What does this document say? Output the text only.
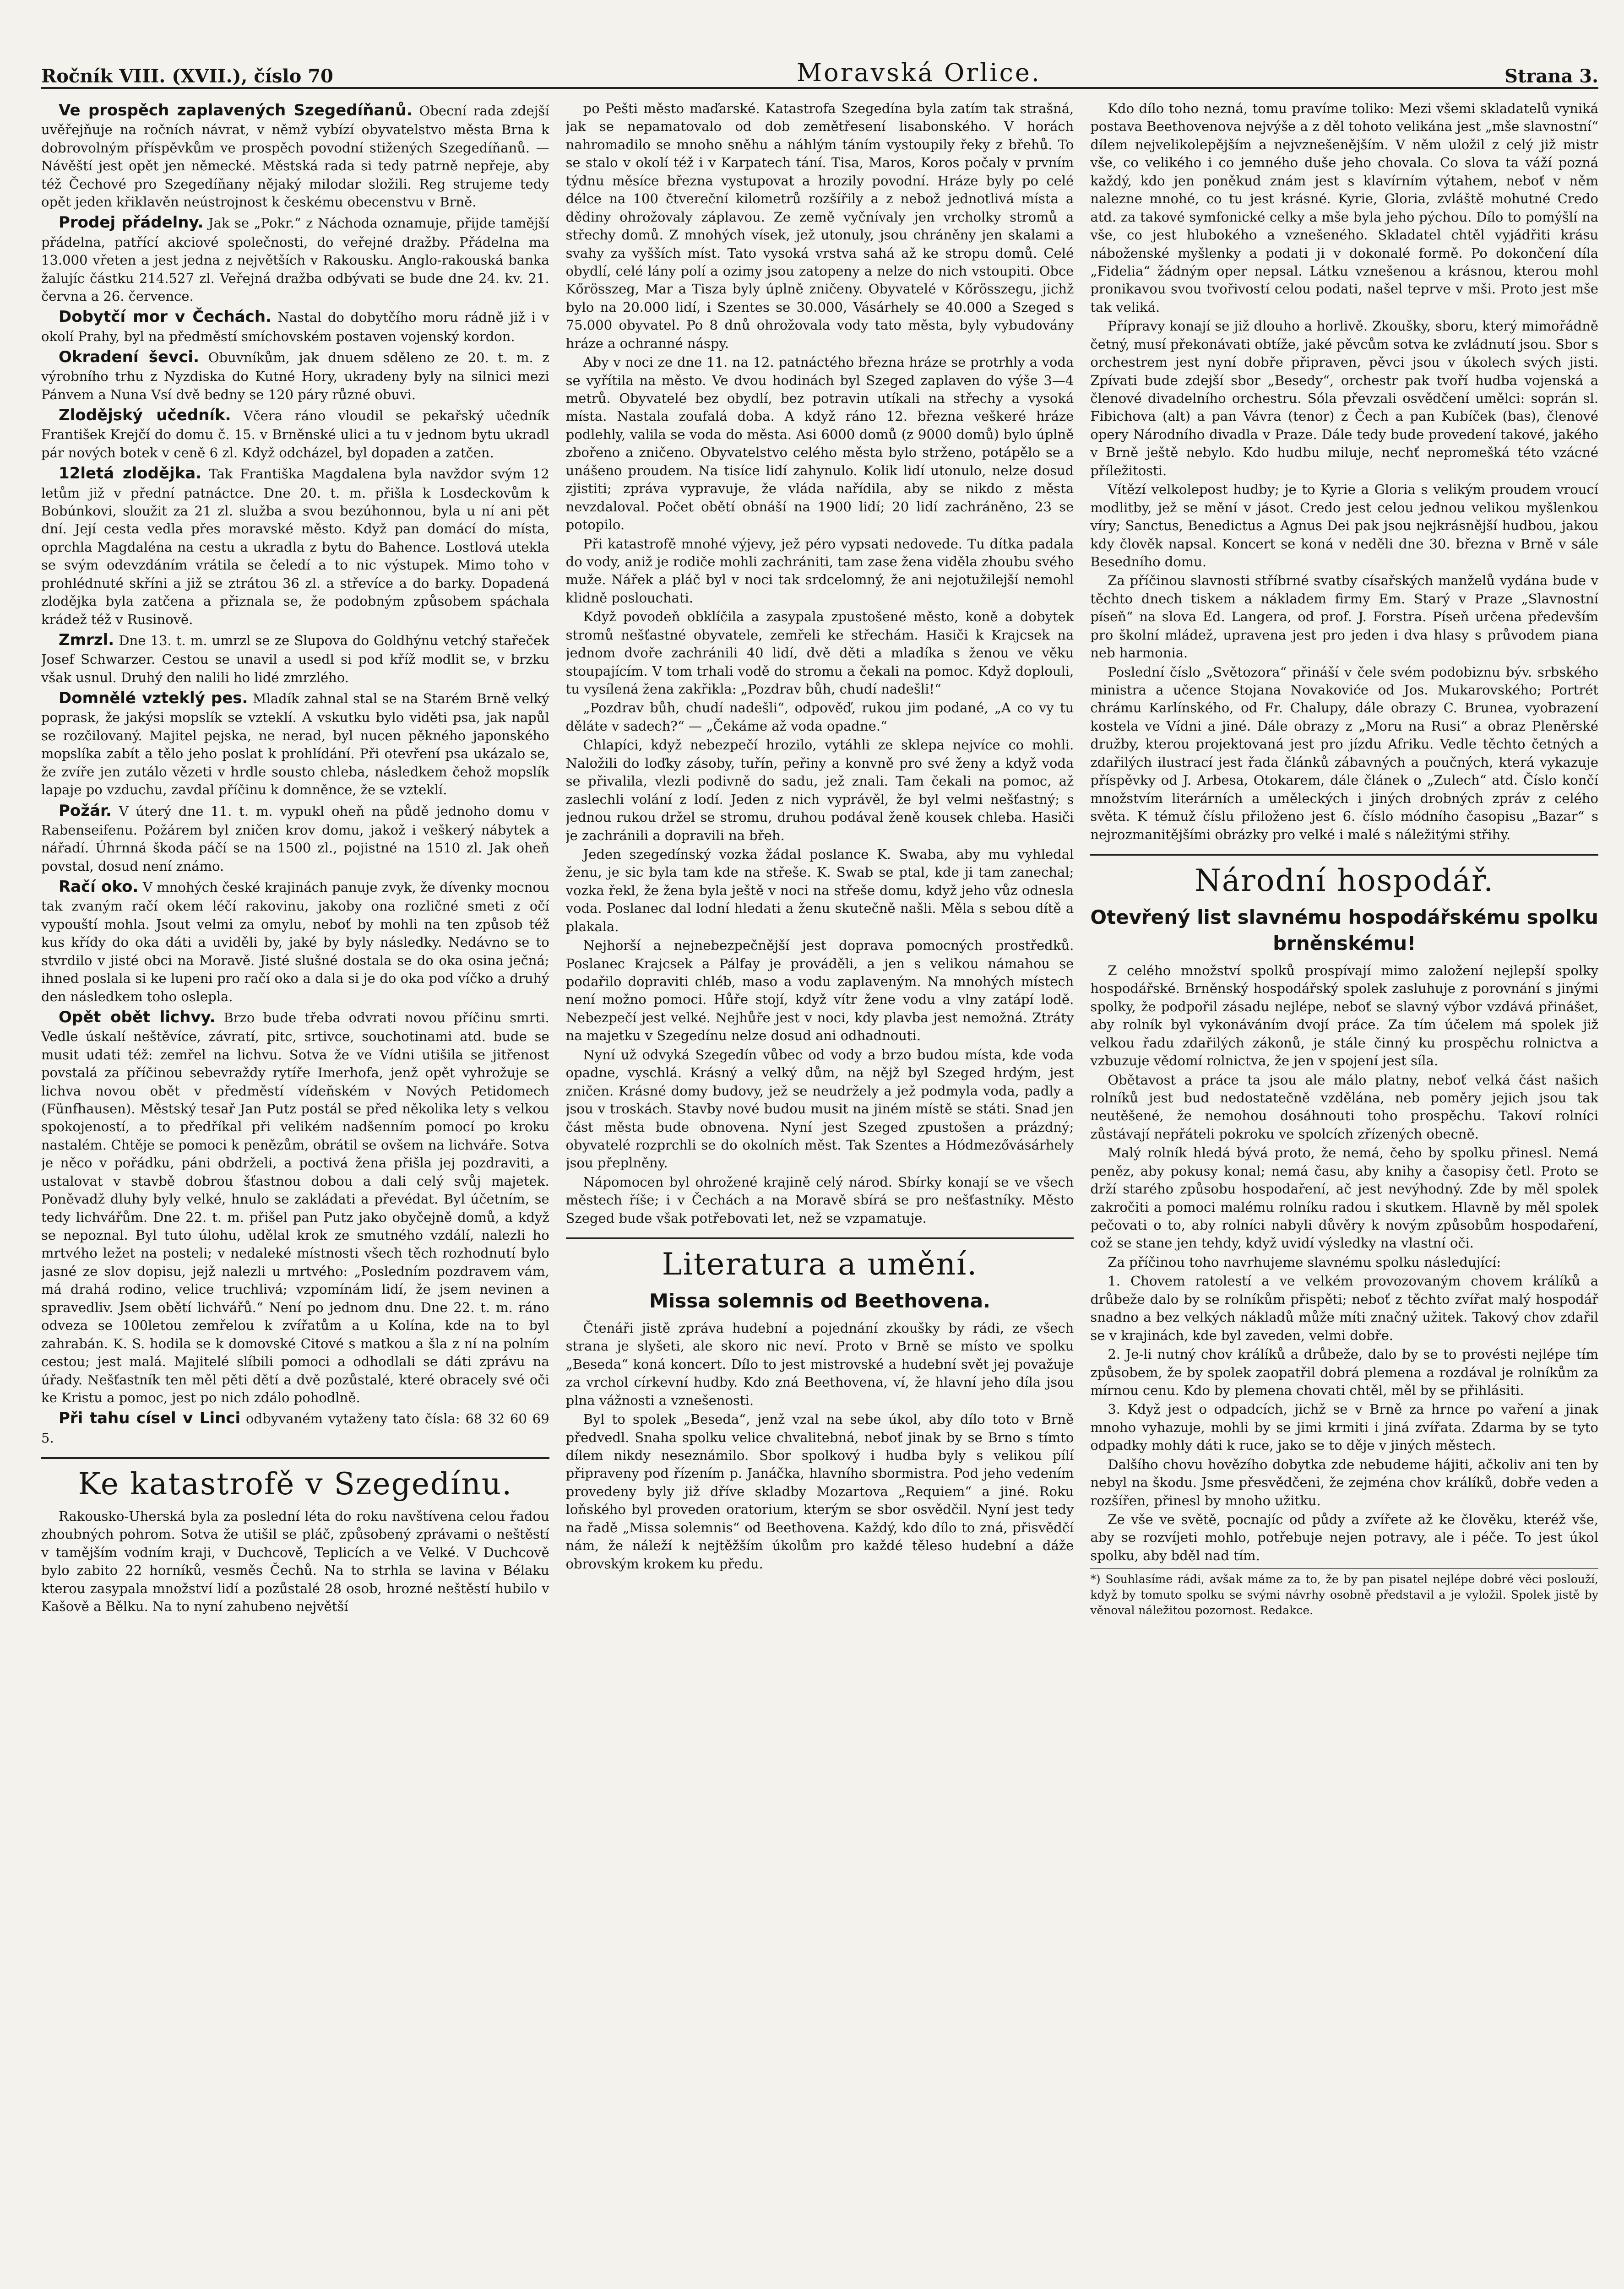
Ročník VIII. (XVII.), číslo 70	Moravská Orlice.	Strana 3.

Ve prospěch zaplavených Szegedíňanů. Obecní rada zdejší uvěřejňuje na ročních návrat, v němž vybízí obyvatelstvo města Brna k dobrovolným příspěvkům ve prospěch povodní stižených Szegedíňanů. — Návěští jest opět jen německé. Městská rada si tedy patrně nepřeje, aby též Čechové pro Szegedíňany nějaký milodar složili. Reg strujeme tedy opět jeden křiklavěn neústrojnost k českému obecenstvu v Brně.

Prodej přádelny. Jak se „Pokr.“ z Náchoda oznamuje, přijde tamější přádelna, patřící akciové společnosti, do veřejné dražby. Přádelna ma 13.000 vřeten a jest jedna z největších v Rakousku. Anglo-rakouská banka žalujíc částku 214.527 zl. Veřejná dražba odbývati se bude dne 24. kv. 21. června a 26. července.

Dobytčí mor v Čechách. Nastal do dobytčího moru rádně již i v okolí Prahy, byl na předměstí smíchovském postaven vojenský kordon.

Okradení ševci. Obuvníkům, jak dnuem sděleno ze 20. t. m. z výrobního trhu z Nyzdiska do Kutné Hory, ukradeny byly na silnici mezi Pánvem a Nuna Vsí dvě bedny se 120 páry různé obuvi.

Zlodějský učedník. Včera ráno vloudil se pekařský učedník František Krejčí do domu č. 15. v Brněnské ulici a tu v jednom bytu ukradl pár nových botek v ceně 6 zl. Když odcházel, byl dopaden a zatčen.

12letá zlodějka. Tak Františka Magdalena byla navždor svým 12 letům již v přední patnáctce. Dne 20. t. m. přišla k Losdeckovům k Bobúnkovi, sloužit za 21 zl. služba a svou bezúhonnou, byla u ní ani pět dní. Její cesta vedla přes moravské město. Když pan domácí do místa, oprchla Magdaléna na cestu a ukradla z bytu do Bahence. Lostlová utekla se svým odevzdáním vrátila se čeledí a to nic výstupek. Mimo toho v prohlédnuté skříni a již se ztrátou 36 zl. a střevíce a do barky. Dopadená zlodějka byla zatčena a přiznala se, že podobným způsobem spáchala krádež též v Rusinově.

Zmrzl. Dne 13. t. m. umrzl se ze Slupova do Goldhýnu vetchý stařeček Josef Schwarzer. Cestou se unavil a usedl si pod kříž modlit se, v brzku však usnul. Druhý den nalili ho lidé zmrzlého.

Domnělé vzteklý pes. Mladík zahnal stal se na Starém Brně velký poprask, že jakýsi mopslík se vzteklí. A vskutku bylo viděti psa, jak napůl se rozčilovaný. Majitel pejska, ne nerad, byl nucen pěkného japonského mopslíka zabít a tělo jeho poslat k prohlídání. Při otevření psa ukázalo se, že zvíře jen zutálo vězeti v hrdle sousto chleba, následkem čehož mopslík lapaje po vzduchu, zavdal příčinu k domněnce, že se vzteklí.

Požár. V úterý dne 11. t. m. vypukl oheň na půdě jednoho domu v Rabenseifenu. Požárem byl zničen krov domu, jakož i veškerý nábytek a nářadí. Úhrnná škoda páčí se na 1500 zl., pojistné na 1510 zl. Jak oheň povstal, dosud není známo.

Račí oko. V mnohých české krajinách panuje zvyk, že dívenky mocnou tak zvaným račí okem léčí rakovinu, jakoby ona rozličné smeti z očí vypouští mohla. Jsout velmi za omylu, neboť by mohli na ten způsob též kus křídy do oka dáti a uviděli by, jaké by byly následky. Nedávno se to stvrdilo v jisté obci na Moravě. Jisté slušné dostala se do oka osina ječná; ihned poslala si ke lupeni pro račí oko a dala si je do oka pod víčko a druhý den následkem toho oslepla.

Opět obět lichvy. Brzo bude třeba odvrati novou příčinu smrti. Vedle úskalí neštěvíce, závratí, pitc, srtivce, souchotinami atd. bude se musit udati též: zemřel na lichvu. Sotva že ve Vídni utišila se jitřenost povstalá za příčinou sebevraždy rytíře Imerhofa, jenž opět vyhrožuje se lichva novou obět v předměstí vídeňském v Nových Petidomech (Fünfhausen). Městský tesař Jan Putz postál se před několika lety s velkou spokojeností, a to předříkal při velikém nadšenním pomocí po kroku nastalém. Chtěje se pomoci k penězům, obrátil se ovšem na lichváře. Sotva je něco v pořádku, páni obdrželi, a poctivá žena přišla jej pozdraviti, a ustalovat v stavbě dobrou šťastnou dobou a dali celý svůj majetek. Poněvadž dluhy byly velké, hnulo se zakládati a převédat. Byl účetním, se tedy lichvářům. Dne 22. t. m. přišel pan Putz jako obyčejně domů, a když se nepoznal. Byl tuto úlohu, udělal krok ze smutného vzdálí, nalezli ho mrtvého ležet na posteli; v nedaleké místnosti všech těch rozhodnutí bylo jasné ze slov dopisu, jejž nalezli u mrtvého: „Posledním pozdravem vám, má drahá rodino, velice truchlivá; vzpomínám lidí, že jsem nevinen a spravedliv. Jsem obětí lichvářů.“ Není po jednom dnu. Dne 22. t. m. ráno odveza se 100letou zemřelou k zvířatům a u Kolína, kde na to byl zahrabán. K. S. hodila se k domovské Citové s matkou a šla z ní na polním cestou; jest malá. Majitelé slíbili pomoci a odhodlali se dáti zprávu na úřady. Nešťastník ten měl pěti dětí a dvě pozůstalé, které obracely své oči ke Kristu a pomoc, jest po nich zdálo pohodlně.

Při tahu císel v Linci odbyvaném vytaženy tato čísla: 68 32 60 69 5.

Ke katastrofě v Szegedínu.

Rakousko-Uherská byla za poslední léta do roku navštívena celou řadou zhoubných pohrom. Sotva že utišil se pláč, způsobený zprávami o neštěstí v tamějším vodním kraji, v Duchcově, Teplicích a ve Velké. V Duchcově bylo zabito 22 horníků, vesměs Čechů. Na to strhla se lavina v Bélaku kterou zasypala množství lidí a pozůstalé 28 osob, hrozné neštěstí hubilo v Kašově a Bělku. Na to nyní zahubeno největší

po Pešti město maďarské. Katastrofa Szegedína byla zatím tak strašná, jak se nepamatovalo od dob zemětřesení lisabonského. V horách nahromadilo se mnoho sněhu a náhlým táním vystoupily řeky z břehů. To se stalo v okolí též i v Karpatech tání. Tisa, Maros, Koros počaly v prvním týdnu měsíce března vystupovat a hrozily povodní. Hráze byly po celé délce na 100 čtvereční kilometrů rozšířily a z nebož jednotlivá místa a dědiny ohrožovaly záplavou. Ze země vyčnívaly jen vrcholky stromů a střechy domů. Z mnohých vísek, jež utonuly, jsou chráněny jen skalami a svahy za vyšších míst. Tato vysoká vrstva sahá až ke stropu domů. Celé obydlí, celé lány polí a ozimy jsou zatopeny a nelze do nich vstoupiti. Obce Kőrösszeg, Mar a Tisza byly úplně zničeny. Obyvatelé v Kőrösszegu, jichž bylo na 20.000 lidí, i Szentes se 30.000, Vásárhely se 40.000 a Szeged s 75.000 obyvatel. Po 8 dnů ohrožovala vody tato města, byly vybudovány hráze a ochranné náspy.

Aby v noci ze dne 11. na 12. patnáctého března hráze se protrhly a voda se vyřítila na město. Ve dvou hodinách byl Szeged zaplaven do výše 3—4 metrů. Obyvatelé bez obydlí, bez potravin utíkali na střechy a vysoká místa. Nastala zoufalá doba. A když ráno 12. března veškeré hráze podlehly, valila se voda do města. Asi 6000 domů (z 9000 domů) bylo úplně zbořeno a zničeno. Obyvatelstvo celého města bylo strženo, potápělo se a unášeno proudem. Na tisíce lidí zahynulo. Kolik lidí utonulo, nelze dosud zjistiti; zpráva vypravuje, že vláda nařídila, aby se nikdo z města nevzdaloval. Počet obětí obnáší na 1900 lidí; 20 lidí zachráněno, 23 se potopilo.

Při katastrofě mnohé výjevy, jež péro vypsati nedovede. Tu dítka padala do vody, aniž je rodiče mohli zachrániti, tam zase žena viděla zhoubu svého muže. Nářek a pláč byl v noci tak srdcelomný, že ani nejotužilejší nemohl klidně poslouchati.

Když povodeň obklíčila a zasypala zpustošené město, koně a dobytek stromů nešťastné obyvatele, zemřeli ke střechám. Hasiči k Krajcsek na jednom dvoře zachránili 40 lidí, dvě děti a mladíka s ženou ve věku stoupajícím. V tom trhali vodě do stromu a čekali na pomoc. Když doplouli, tu vysílená žena zakřikla: „Pozdrav bůh, chudí nadešli!“

„Pozdrav bůh, chudí nadešli“, odpověď, rukou jim podané, „A co vy tu děláte v sadech?“ — „Čekáme až voda opadne.“

Chlapíci, když nebezpečí hrozilo, vytáhli ze sklepa nejvíce co mohli. Naložili do loďky zásoby, tuřín, peřiny a konvně pro své ženy a když voda se přivalila, vlezli podivně do sadu, jež znali. Tam čekali na pomoc, až zaslechli volání z lodí. Jeden z nich vyprávěl, že byl velmi nešťastný; s jednou rukou držel se stromu, druhou podával ženě kousek chleba. Hasiči je zachránili a dopravili na břeh.

Jeden szegedínský vozka žádal poslance K. Swaba, aby mu vyhledal ženu, je sic byla tam kde na střeše. K. Swab se ptal, kde ji tam zanechal; vozka řekl, že žena byla ještě v noci na střeše domu, když jeho vůz odnesla voda. Poslanec dal lodní hledati a ženu skutečně našli. Měla s sebou dítě a plakala.

Nejhorší a nejnebezpečnější jest doprava pomocných prostředků. Poslanec Krajcsek a Pálfay je prováděli, a jen s velikou námahou se podařilo dopraviti chléb, maso a vodu zaplaveným. Na mnohých místech není možno pomoci. Hůře stojí, když vítr žene vodu a vlny zatápí lodě. Nebezpečí jest velké. Nejhůře jest v noci, kdy plavba jest nemožná. Ztráty na majetku v Szegedínu nelze dosud ani odhadnouti.

Nyní už odvyká Szegedín vůbec od vody a brzo budou místa, kde voda opadne, vyschlá. Krásný a velký dům, na nějž byl Szeged hrdým, jest zničen. Krásné domy budovy, jež se neudržely a jež podmyla voda, padly a jsou v troskách. Stavby nové budou musit na jiném místě se státi. Snad jen část města bude obnovena. Nyní jest Szeged zpustošen a prázdný; obyvatelé rozprchli se do okolních měst. Tak Szentes a Hódmezővásárhely jsou přeplněny.

Nápomocen byl ohrožené krajině celý národ. Sbírky konají se ve všech městech říše; i v Čechách a na Moravě sbírá se pro nešťastníky. Město Szeged bude však potřebovati let, než se vzpamatuje.

Literatura a umění.
Missa solemnis od Beethovena.

Čtenáři jistě zpráva hudební a pojednání zkoušky by rádi, ze všech strana je slyšeti, ale skoro nic neví. Proto v Brně se místo ve spolku „Beseda“ koná koncert. Dílo to jest mistrovské a hudební svět jej považuje za vrchol církevní hudby. Kdo zná Beethovena, ví, že hlavní jeho díla jsou plna vážnosti a vznešenosti.

Byl to spolek „Beseda“, jenž vzal na sebe úkol, aby dílo toto v Brně předvedl. Snaha spolku velice chvalitebná, neboť jinak by se Brno s tímto dílem nikdy neseznámilo. Sbor spolkový i hudba byly s velikou pílí připraveny pod řízením p. Janáčka, hlavního sbormistra. Pod jeho vedením provedeny byly již dříve skladby Mozartova „Requiem“ a jiné. Roku loňského byl proveden oratorium, kterým se sbor osvědčil. Nyní jest tedy na řadě „Missa solemnis“ od Beethovena. Každý, kdo dílo to zná, přisvědčí nám, že náleží k nejtěžším úkolům pro každé těleso hudební a dáže obrovským krokem ku předu.

Kdo dílo toho nezná, tomu pravíme toliko: Mezi všemi skladatelů vyniká postava Beethovenova nejvýše a z děl tohoto velikána jest „mše slavnostní“ dílem nejvelikolepějším a nejvznešenějším. V něm uložil z celý již mistr vše, co velikého i co jemného duše jeho chovala. Co slova ta váží pozná každý, kdo jen poněkud znám jest s klavírním výtahem, neboť v něm nalezne mnohé, co tu jest krásné. Kyrie, Gloria, zvláště mohutné Credo atd. za takové symfonické celky a mše byla jeho pýchou. Dílo to pomýšlí na vše, co jest hlubokého a vznešeného. Skladatel chtěl vyjádřiti krásu náboženské myšlenky a podati ji v dokonalé formě. Po dokončení díla „Fidelia“ žádným oper nepsal. Látku vznešenou a krásnou, kterou mohl pronikavou svou tvořivostí celou podati, našel teprve v mši. Proto jest mše tak veliká.

Přípravy konají se již dlouho a horlivě. Zkoušky, sboru, který mimořádně četný, musí překonávati obtíže, jaké pěvcům sotva ke zvládnutí jsou. Sbor s orchestrem jest nyní dobře připraven, pěvci jsou v úkolech svých jisti. Zpívati bude zdejší sbor „Besedy“, orchestr pak tvoří hudba vojenská a členové divadelního orchestru. Sóla převzali osvědčení umělci: soprán sl. Fibichova (alt) a pan Vávra (tenor) z Čech a pan Kubíček (bas), členové opery Národního divadla v Praze. Dále tedy bude provedení takové, jakého v Brně ještě nebylo. Kdo hudbu miluje, nechť nepromešká této vzácné příležitosti.

Vítězí velkolepost hudby; je to Kyrie a Gloria s velikým proudem vroucí modlitby, jež se mění v jásot. Credo jest celou jednou velikou myšlenkou víry; Sanctus, Benedictus a Agnus Dei pak jsou nejkrásnější hudbou, jakou kdy člověk napsal. Koncert se koná v neděli dne 30. března v Brně v sále Besedního domu.

Za příčinou slavnosti stříbrné svatby císařských manželů vydána bude v těchto dnech tiskem a nákladem firmy Em. Starý v Praze „Slavnostní píseň“ na slova Ed. Langera, od prof. J. Forstra. Píseň určena především pro školní mládež, upravena jest pro jeden i dva hlasy s průvodem piana neb harmonia.

Poslední číslo „Světozora“ přináší v čele svém podobiznu býv. srbského ministra a učence Stojana Novakoviće od Jos. Mukarovského; Portrét chrámu Karlínského, od Fr. Chalupy, dále obrazy C. Brunea, vyobrazení kostela ve Vídni a jiné. Dále obrazy z „Moru na Rusi“ a obraz Pleněrské družby, kterou projektovaná jest pro jízdu Afriku. Vedle těchto četných a zdařilých ilustrací jest řada článků zábavných a poučných, která vykazuje příspěvky od J. Arbesa, Otokarem, dále článek o „Zulech“ atd. Číslo končí množstvím literárních a uměleckých i jiných drobných zpráv z celého světa. K témuž číslu přiloženo jest 6. číslo módního časopisu „Bazar“ s nejrozmanitějšími obrázky pro velké i malé s náležitými střihy.

Národní hospodář.
Otevřený list slavnému hospodářskému spolku brněnskému!

Z celého množství spolků prospívají mimo založení nejlepší spolky hospodářské. Brněnský hospodářský spolek zasluhuje z porovnání s jinými spolky, že podpořil zásadu nejlépe, neboť se slavný výbor vzdává přinášet, aby rolník byl vykonáváním dvojí práce. Za tím účelem má spolek již velkou řadu zdařilých zákonů, je stále činný ku prospěchu rolnictva a vzbuzuje vědomí rolnictva, že jen v spojení jest síla.

Obětavost a práce ta jsou ale málo platny, neboť velká část našich rolníků jest bud nedostatečně vzdělána, neb poměry jejich jsou tak neutěšené, že nemohou dosáhnouti toho prospěchu. Takoví rolníci zůstávají nepřáteli pokroku ve spolcích zřízených obecně.

Malý rolník hledá bývá proto, že nemá, čeho by spolku přinesl. Nemá peněz, aby pokusy konal; nemá času, aby knihy a časopisy četl. Proto se drží starého způsobu hospodaření, ač jest nevýhodný. Zde by měl spolek zakročiti a pomoci malému rolníku radou i skutkem. Hlavně by měl spolek pečovati o to, aby rolníci nabyli důvěry k novým způsobům hospodaření, což se stane jen tehdy, když uvidí výsledky na vlastní oči.

Za příčinou toho navrhujeme slavnému spolku následující:

1. Chovem ratolestí a ve velkém provozovaným chovem králíků a drůbeže dalo by se rolníkům přispěti; neboť z těchto zvířat malý hospodář snadno a bez velkých nákladů může míti značný užitek. Takový chov zdařil se v krajinách, kde byl zaveden, velmi dobře.

2. Je-li nutný chov králíků a drůbeže, dalo by se to provésti nejlépe tím způsobem, že by spolek zaopatřil dobrá plemena a rozdával je rolníkům za mírnou cenu. Kdo by plemena chovati chtěl, měl by se přihlásiti.

3. Když jest o odpadcích, jichž se v Brně za hrnce po vaření a jinak mnoho vyhazuje, mohli by se jimi krmiti i jiná zvířata. Zdarma by se tyto odpadky mohly dáti k ruce, jako se to děje v jiných městech.

Dalšího chovu hovězího dobytka zde nebudeme hájiti, ačkoliv ani ten by nebyl na škodu. Jsme přesvědčeni, že zejména chov králíků, dobře veden a rozšířen, přinesl by mnoho užitku.

Ze vše ve světě, pocnajíc od půdy a zvířete až ke člověku, kteréž vše, aby se rozvíjeti mohlo, potřebuje nejen potravy, ale i péče. To jest úkol spolku, aby bděl nad tím.

*) Souhlasíme rádi, avšak máme za to, že by pan pisatel nejlépe dobré věci poslouží, když by tomuto spolku se svými návrhy osobně představil a je vyložil. Spolek jistě by věnoval náležitou pozornost. Redakce.
